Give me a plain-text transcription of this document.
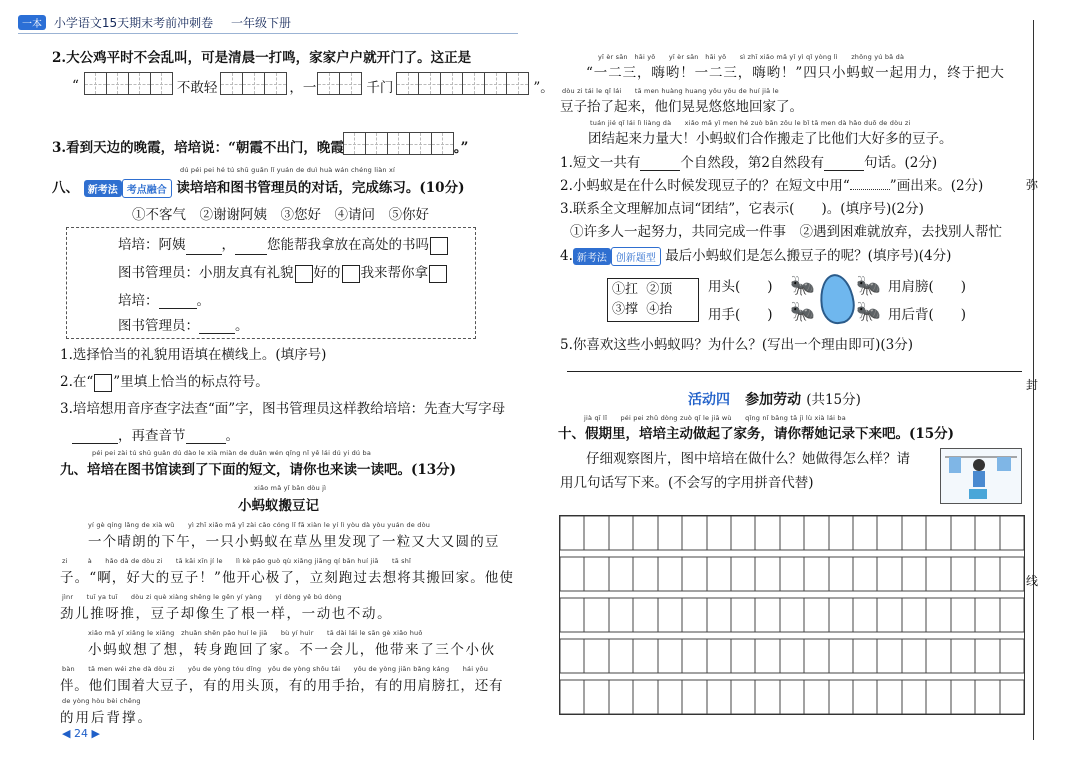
一本 小学语文15天期末考前冲刺卷 一年级下册
2.大公鸡平时不会乱叫，可是清晨一打鸣，家家户户就开门了。这正是
“	不敢轻	，一	千门	”。
3.看到天边的晚霞，培培说：“朝霞不出门，晚霞	。”
dú péi pei hé tú shū guǎn lǐ yuán de duì huà wán chéng liàn xí
八、 新考法 考点融合 读培培和图书管理员的对话，完成练习。(10分)
①不客气　②谢谢阿姨　③您好　④请问　⑤你好
培培：阿姨	， 您能帮我拿放在高处的书吗
图书管理员：小朋友真有礼貌 好的 我来帮你拿
培培：	。
图书管理员：	。
1.选择恰当的礼貌用语填在横线上。(填序号)
2.在“ ”里填上恰当的标点符号。
3.培培想用音序查字法查“面”字，图书管理员这样教给培培：先查大写字母
，再查音节	。
péi pei zài tú shū guǎn dú dào le xià miàn de duǎn wén qǐng nǐ yě lái dú yi dú ba
九、培培在图书馆读到了下面的短文，请你也来读一读吧。(13分)
xiǎo mǎ yǐ bān dòu jì
小蚂蚁搬豆记
yí gè qíng lǎng de xià wǔ　　yì zhī xiǎo mǎ yǐ zài cǎo cóng lǐ fā xiàn le yí lì yòu dà yòu yuán de dòu
一个晴朗的下午，一只小蚂蚁在草丛里发现了一粒又大又圆的豆
zi　　　à　　hǎo dà de dòu zi　　tā kāi xīn jí le　　lì kè pǎo guò qù xiǎng jiāng qí bān huí jiā　　tā shǐ
子。“啊，好大的豆子！”他开心极了，立刻跑过去想将其搬回家。他使
jìnr　　tuī ya tuī　　dòu zi què xiàng shēng le gēn yí yàng　　yí dòng yě bú dòng
劲儿推呀推，豆子却像生了根一样，一动也不动。
xiǎo mǎ yǐ xiǎng le xiǎng　zhuǎn shēn pǎo huí le jiā　　bù yí huìr　　tā dài lái le sān gè xiǎo huǒ
小蚂蚁想了想，转身跑回了家。不一会儿，他带来了三个小伙
bàn　　tā men wéi zhe dà dòu zi　　yǒu de yòng tóu dǐng　yǒu de yòng shǒu tái　　yǒu de yòng jiān bǎng káng　　hái yǒu
伴。他们围着大豆子，有的用头顶，有的用手抬，有的用肩膀扛，还有
de yòng hòu bèi chēng
的用后背撑。
◀ 24 ▶
yī èr sān　hāi yō　　yī èr sān　hāi yō　　sì zhī xiǎo mǎ yǐ yì qǐ yòng lì　　zhōng yú bǎ dà
“一二三，嗨哟！一二三，嗨哟！”四只小蚂蚁一起用力，终于把大
dòu zi tái le qǐ lái　　tā men huàng huang yōu yōu de huí jiā le
豆子抬了起来，他们晃晃悠悠地回家了。
tuán jié qǐ lái lì liàng dà　　xiǎo mǎ yǐ men hé zuò bān zǒu le bǐ tā men dà hǎo duō de dòu zi
团结起来力量大！小蚂蚁们合作搬走了比他们大好多的豆子。
1.短文一共有	个自然段，第2自然段有	句话。(2分)
2.小蚂蚁是在什么时候发现豆子的？在短文中用“	”画出来。(2分)
3.联系全文理解加点词“团结”，它表示(　　)。(填序号)(2分)
①许多人一起努力，共同完成一件事　②遇到困难就放弃，去找别人帮忙
4. 新考法 创新题型 最后小蚂蚁们是怎么搬豆子的呢？(填序号)(4分)
①扛 ②顶
③撑 ④抬
用头(　　)
用手(　　)
🐜
🐜
🐜
🐜
用肩膀(　　)
用后背(　　)
5.你喜欢这些小蚂蚁吗？为什么？(写出一个理由即可)(3分)
活动四 参加劳动 (共15分)
jià qī lǐ　　péi pei zhǔ dòng zuò qǐ le jiā wù　　qǐng nǐ bāng tā jì lù xià lái ba
十、假期里，培培主动做起了家务，请你帮她记录下来吧。(15分)
仔细观察图片，图中培培在做什么？她做得怎么样？请
用几句话写下来。(不会写的字用拼音代替)
弥
封
线
